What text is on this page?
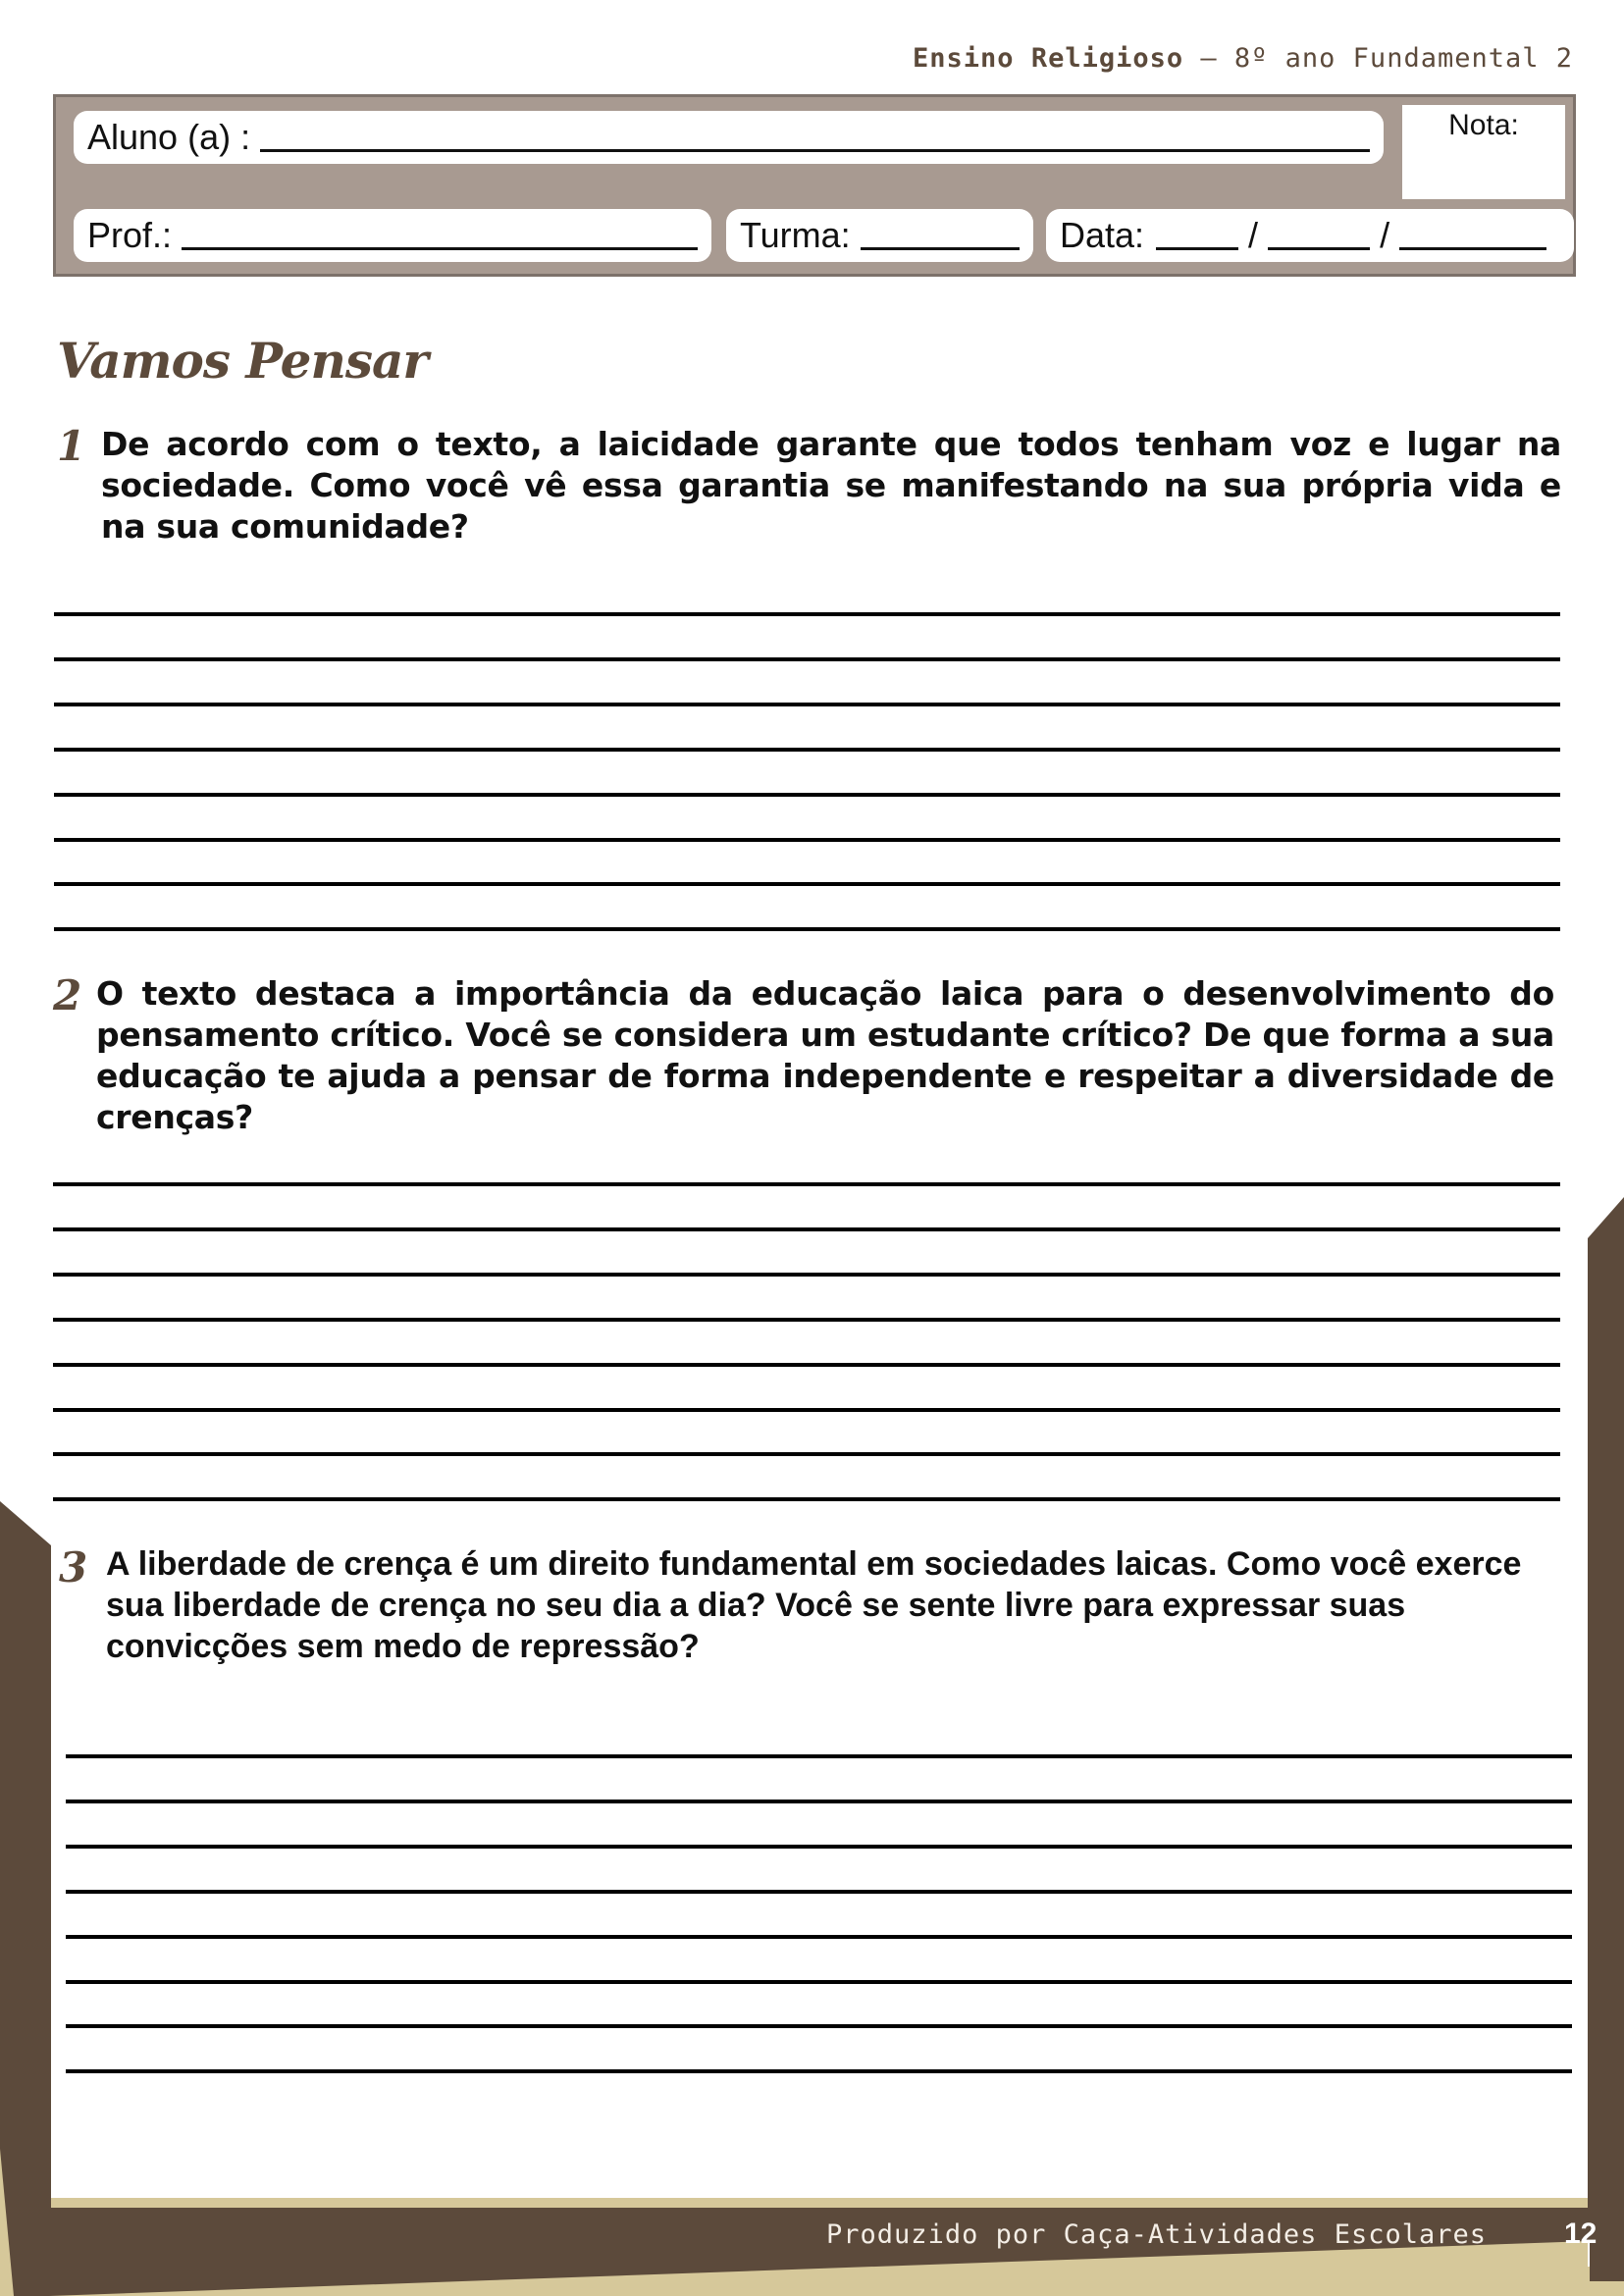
Ensino Religioso – 8º ano Fundamental 2
Aluno (a) :	Nota:
Prof.:	Turma:	Data:	/	/
Vamos Pensar
1 De acordo com o texto, a laicidade garante que todos tenham voz e lugar na sociedade. Como você vê essa garantia se manifestando na sua própria vida e na sua comunidade?
2 O texto destaca a importância da educação laica para o desenvolvimento do pensamento crítico. Você se considera um estudante crítico? De que forma a sua educação te ajuda a pensar de forma independente e respeitar a diversidade de crenças?
3 A liberdade de crença é um direito fundamental em sociedades laicas. Como você exerce sua liberdade de crença no seu dia a dia? Você se sente livre para expressar suas convicções sem medo de repressão?
Produzido por Caça-Atividades Escolares	12
